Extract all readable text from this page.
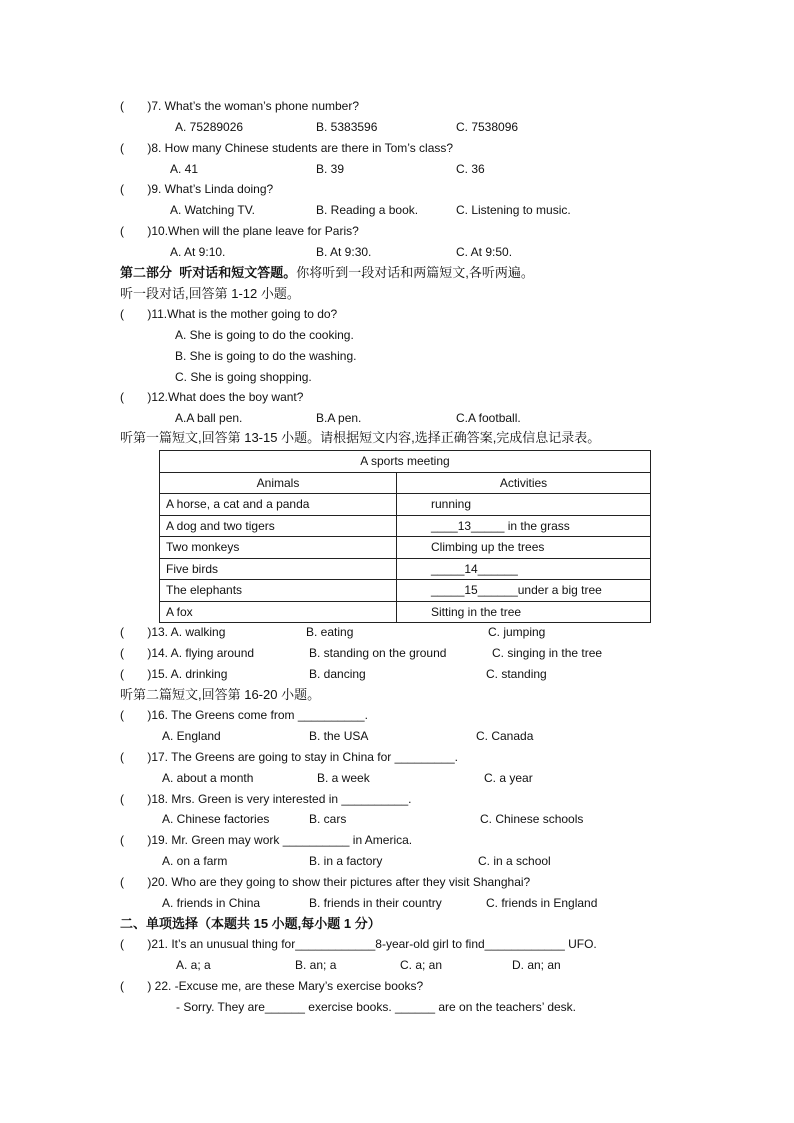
(       )7. What’s the woman’s phone number?
A. 75289026	B. 5383596	C. 7538096
(       )8. How many Chinese students are there in Tom’s class?
A. 41	B. 39	C. 36
(       )9. What’s Linda doing?
A. Watching TV.	B. Reading a book.	C. Listening to music.
(       )10.When will the plane leave for Paris?
A. At 9:10.	B. At 9:30.	C. At 9:50.
第二部分  听对话和短文答题。你将听到一段对话和两篇短文,各听两遍。
听一段对话,回答第 1-12 小题。
(       )11.What is the mother going to do?
A. She is going to do the cooking.
B. She is going to do the washing.
C. She is going shopping.
(       )12.What does the boy want?
A.A ball pen.	B.A pen.	C.A football.
听第一篇短文,回答第 13-15 小题。请根据短文内容,选择正确答案,完成信息记录表。
A sports meeting	
Animals	Activities
A horse, a cat and a panda	running
A dog and two tigers	____13_____ in the grass
Two monkeys	Climbing up the trees
Five birds	_____14______
The elephants	_____15______under a big tree
A fox	Sitting in the tree
(       )13. A. walking	B. eating	C. jumping
(       )14. A. flying around	B. standing on the ground	C. singing in the tree
(       )15. A. drinking	B. dancing	C. standing
听第二篇短文,回答第 16-20 小题。
(       )16. The Greens come from __________.
A. England	B. the USA	C. Canada
(       )17. The Greens are going to stay in China for _________.
A. about a month	B. a week	C. a year
(       )18. Mrs. Green is very interested in __________.
A. Chinese factories	B. cars	C. Chinese schools
(       )19. Mr. Green may work __________ in America.
A. on a farm	B. in a factory	C. in a school
(       )20. Who are they going to show their pictures after they visit Shanghai?
A. friends in China	B. friends in their country	C. friends in England
二、单项选择（本题共 15 小题,每小题 1 分）
(       )21. It’s an unusual thing for____________8-year-old girl to find____________ UFO.
A. a; a	B. an; a	C. a; an	D. an; an
(       ) 22. -Excuse me, are these Mary’s exercise books?
- Sorry. They are______ exercise books. ______ are on the teachers’ desk.
